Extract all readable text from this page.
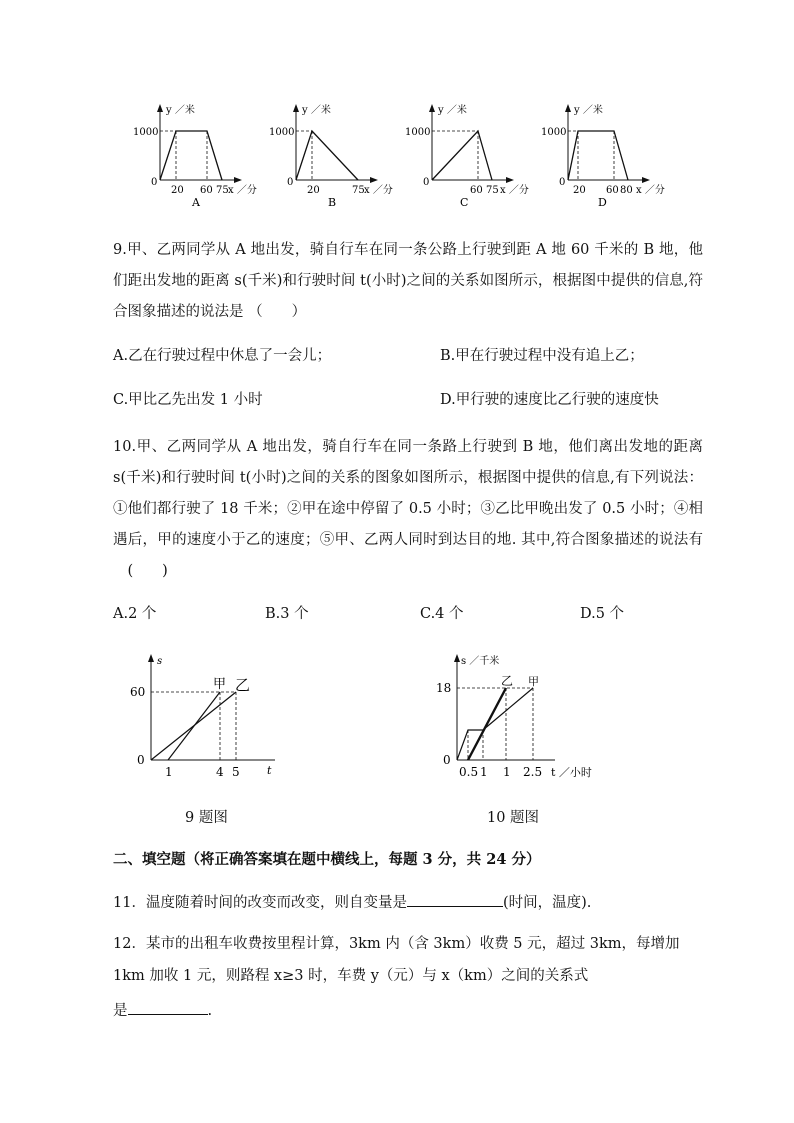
y ／米
1000
0
20 60 75 x ／分
A
y ／米
1000
0
20	75 x ／分
B
y ／米
1000
0
60 75 x ／分
C
y ／米
1000
0
20 60 80 x ／分
D
9.甲、乙两同学从 A 地出发，骑自行车在同一条公路上行驶到距 A 地 60 千米的 B 地，他们距出发地的距离 s(千米)和行驶时间 t(小时)之间的关系如图所示，根据图中提供的信息,符合图象描述的说法是 （　　）
A.乙在行驶过程中休息了一会儿；	B.甲在行驶过程中没有追上乙；
C.甲比乙先出发 1 小时	D.甲行驶的速度比乙行驶的速度快
10.甲、乙两同学从 A 地出发，骑自行车在同一条路上行驶到 B 地，他们离出发地的距离 s(千米)和行驶时间 t(小时)之间的关系的图象如图所示，根据图中提供的信息,有下列说法：①他们都行驶了 18 千米；②甲在途中停留了 0.5 小时；③乙比甲晚出发了 0.5 小时；④相遇后，甲的速度小于乙的速度；⑤甲、乙两人同时到达目的地. 其中,符合图象描述的说法有 　(　　)
A.2 个	B.3 个	C.4 个	D.5 个
s
60
0
1	4 5 t
甲 乙
9 题图
s ／千米
18
0
0.5 1 1 2.5 t ／小时
乙 甲
10 题图
二、填空题（将正确答案填在题中横线上，每题 3 分，共 24 分）
11．温度随着时间的改变而改变，则自变量是	(时间，温度).
12．某市的出租车收费按里程计算，3km 内（含 3km）收费 5 元，超过 3km，每增加
1km 加收 1 元，则路程 x≥3 时，车费 y（元）与 x（km）之间的关系式
是	.
